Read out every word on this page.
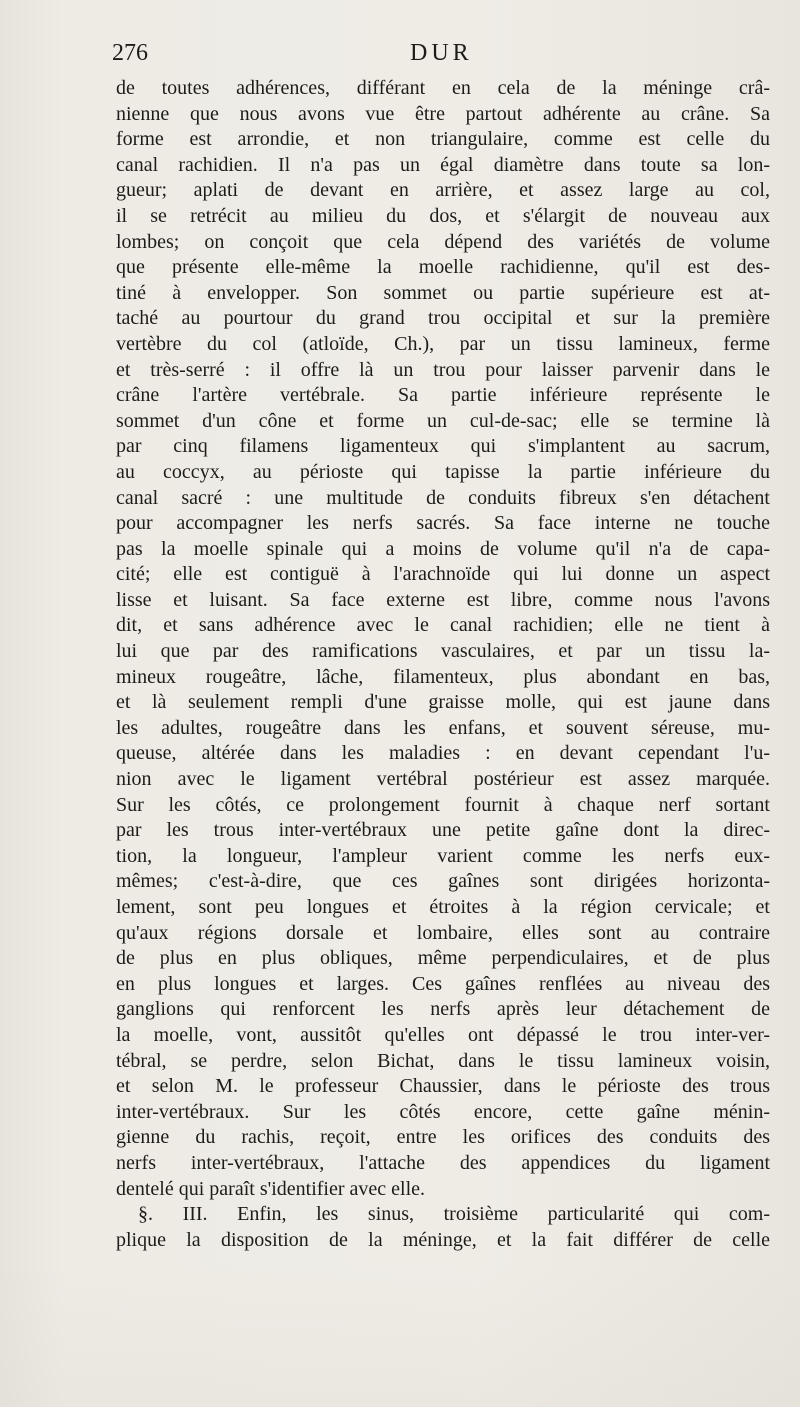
276	DUR
de toutes adhérences, différant en cela de la méninge crâ-
nienne que nous avons vue être partout adhérente au crâne. Sa
forme est arrondie, et non triangulaire, comme est celle du
canal rachidien. Il n'a pas un égal diamètre dans toute sa lon-
gueur; aplati de devant en arrière, et assez large au col,
il se retrécit au milieu du dos, et s'élargit de nouveau aux
lombes; on conçoit que cela dépend des variétés de volume
que présente elle-même la moelle rachidienne, qu'il est des-
tiné à envelopper. Son sommet ou partie supérieure est at-
taché au pourtour du grand trou occipital et sur la première
vertèbre du col (atloïde, Ch.), par un tissu lamineux, ferme
et très-serré : il offre là un trou pour laisser parvenir dans le
crâne l'artère vertébrale. Sa partie inférieure représente le
sommet d'un cône et forme un cul-de-sac; elle se termine là
par cinq filamens ligamenteux qui s'implantent au sacrum,
au coccyx, au périoste qui tapisse la partie inférieure du
canal sacré : une multitude de conduits fibreux s'en détachent
pour accompagner les nerfs sacrés. Sa face interne ne touche
pas la moelle spinale qui a moins de volume qu'il n'a de capa-
cité; elle est contiguë à l'arachnoïde qui lui donne un aspect
lisse et luisant. Sa face externe est libre, comme nous l'avons
dit, et sans adhérence avec le canal rachidien; elle ne tient à
lui que par des ramifications vasculaires, et par un tissu la-
mineux rougeâtre, lâche, filamenteux, plus abondant en bas,
et là seulement rempli d'une graisse molle, qui est jaune dans
les adultes, rougeâtre dans les enfans, et souvent séreuse, mu-
queuse, altérée dans les maladies : en devant cependant l'u-
nion avec le ligament vertébral postérieur est assez marquée.
Sur les côtés, ce prolongement fournit à chaque nerf sortant
par les trous inter-vertébraux une petite gaîne dont la direc-
tion, la longueur, l'ampleur varient comme les nerfs eux-
mêmes; c'est-à-dire, que ces gaînes sont dirigées horizonta-
lement, sont peu longues et étroites à la région cervicale; et
qu'aux régions dorsale et lombaire, elles sont au contraire
de plus en plus obliques, même perpendiculaires, et de plus
en plus longues et larges. Ces gaînes renflées au niveau des
ganglions qui renforcent les nerfs après leur détachement de
la moelle, vont, aussitôt qu'elles ont dépassé le trou inter-ver-
tébral, se perdre, selon Bichat, dans le tissu lamineux voisin,
et selon M. le professeur Chaussier, dans le périoste des trous
inter-vertébraux. Sur les côtés encore, cette gaîne ménin-
gienne du rachis, reçoit, entre les orifices des conduits des
nerfs inter-vertébraux, l'attache des appendices du ligament
dentelé qui paraît s'identifier avec elle.
§. III. Enfin, les sinus, troisième particularité qui com-
plique la disposition de la méninge, et la fait différer de celle
